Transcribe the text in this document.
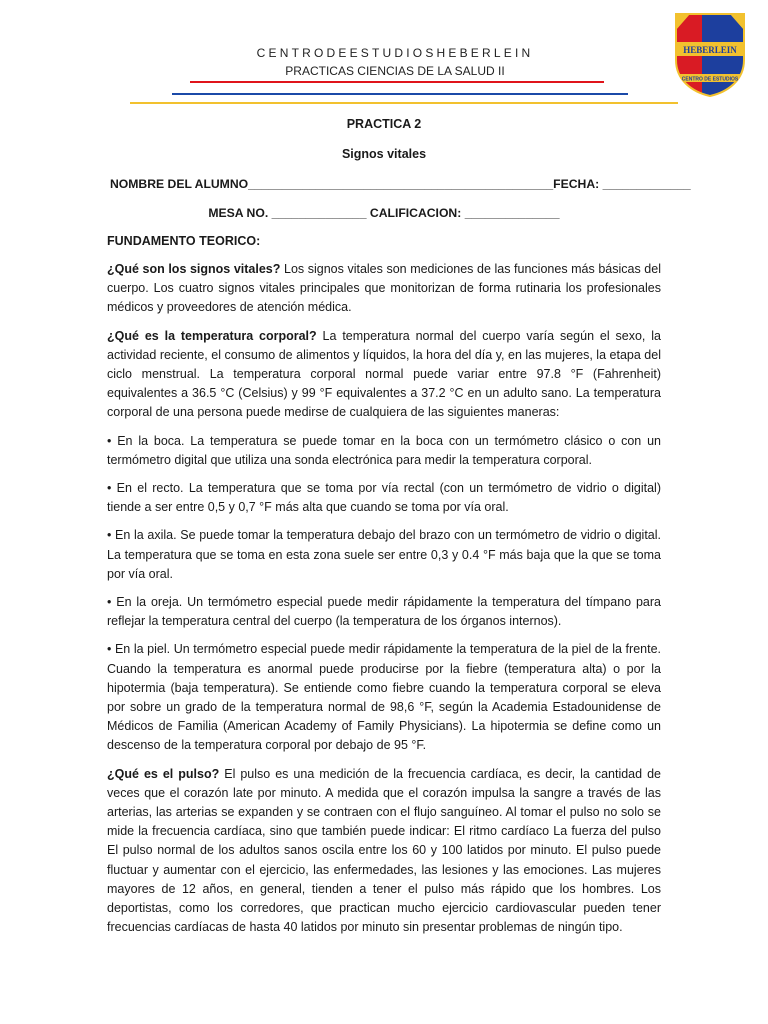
CENTRODEESTUDIOSHEBERLEIN
PRACTICAS CIENCIAS DE LA SALUD II
HEBERLEIN
CENTRO DE ESTUDIOS
PRACTICA 2
Signos vitales
NOMBRE DEL ALUMNO_____________________________________________FECHA: _____________
MESA NO. ______________ CALIFICACION: ______________
FUNDAMENTO TEORICO:

¿Qué son los signos vitales? Los signos vitales son mediciones de las funciones más básicas del cuerpo. Los cuatro signos vitales principales que monitorizan de forma rutinaria los profesionales médicos y proveedores de atención médica.

¿Qué es la temperatura corporal? La temperatura normal del cuerpo varía según el sexo, la actividad reciente, el consumo de alimentos y líquidos, la hora del día y, en las mujeres, la etapa del ciclo menstrual. La temperatura corporal normal puede variar entre 97.8 °F (Fahrenheit) equivalentes a 36.5 °C (Celsius) y 99 °F equivalentes a 37.2 °C en un adulto sano. La temperatura corporal de una persona puede medirse de cualquiera de las siguientes maneras:

• En la boca. La temperatura se puede tomar en la boca con un termómetro clásico o con un termómetro digital que utiliza una sonda electrónica para medir la temperatura corporal.

• En el recto. La temperatura que se toma por vía rectal (con un termómetro de vidrio o digital) tiende a ser entre 0,5 y 0,7 °F más alta que cuando se toma por vía oral.

• En la axila. Se puede tomar la temperatura debajo del brazo con un termómetro de vidrio o digital. La temperatura que se toma en esta zona suele ser entre 0,3 y 0.4 °F más baja que la que se toma por vía oral.

• En la oreja. Un termómetro especial puede medir rápidamente la temperatura del tímpano para reflejar la temperatura central del cuerpo (la temperatura de los órganos internos).

• En la piel. Un termómetro especial puede medir rápidamente la temperatura de la piel de la frente. Cuando la temperatura es anormal puede producirse por la fiebre (temperatura alta) o por la hipotermia (baja temperatura). Se entiende como fiebre cuando la temperatura corporal se eleva por sobre un grado de la temperatura normal de 98,6 °F, según la Academia Estadounidense de Médicos de Familia (American Academy of Family Physicians). La hipotermia se define como un descenso de la temperatura corporal por debajo de 95 °F.

¿Qué es el pulso? El pulso es una medición de la frecuencia cardíaca, es decir, la cantidad de veces que el corazón late por minuto. A medida que el corazón impulsa la sangre a través de las arterias, las arterias se expanden y se contraen con el flujo sanguíneo. Al tomar el pulso no solo se mide la frecuencia cardíaca, sino que también puede indicar: El ritmo cardíaco La fuerza del pulso El pulso normal de los adultos sanos oscila entre los 60 y 100 latidos por minuto. El pulso puede fluctuar y aumentar con el ejercicio, las enfermedades, las lesiones y las emociones. Las mujeres mayores de 12 años, en general, tienden a tener el pulso más rápido que los hombres. Los deportistas, como los corredores, que practican mucho ejercicio cardiovascular pueden tener frecuencias cardíacas de hasta 40 latidos por minuto sin presentar problemas de ningún tipo.
